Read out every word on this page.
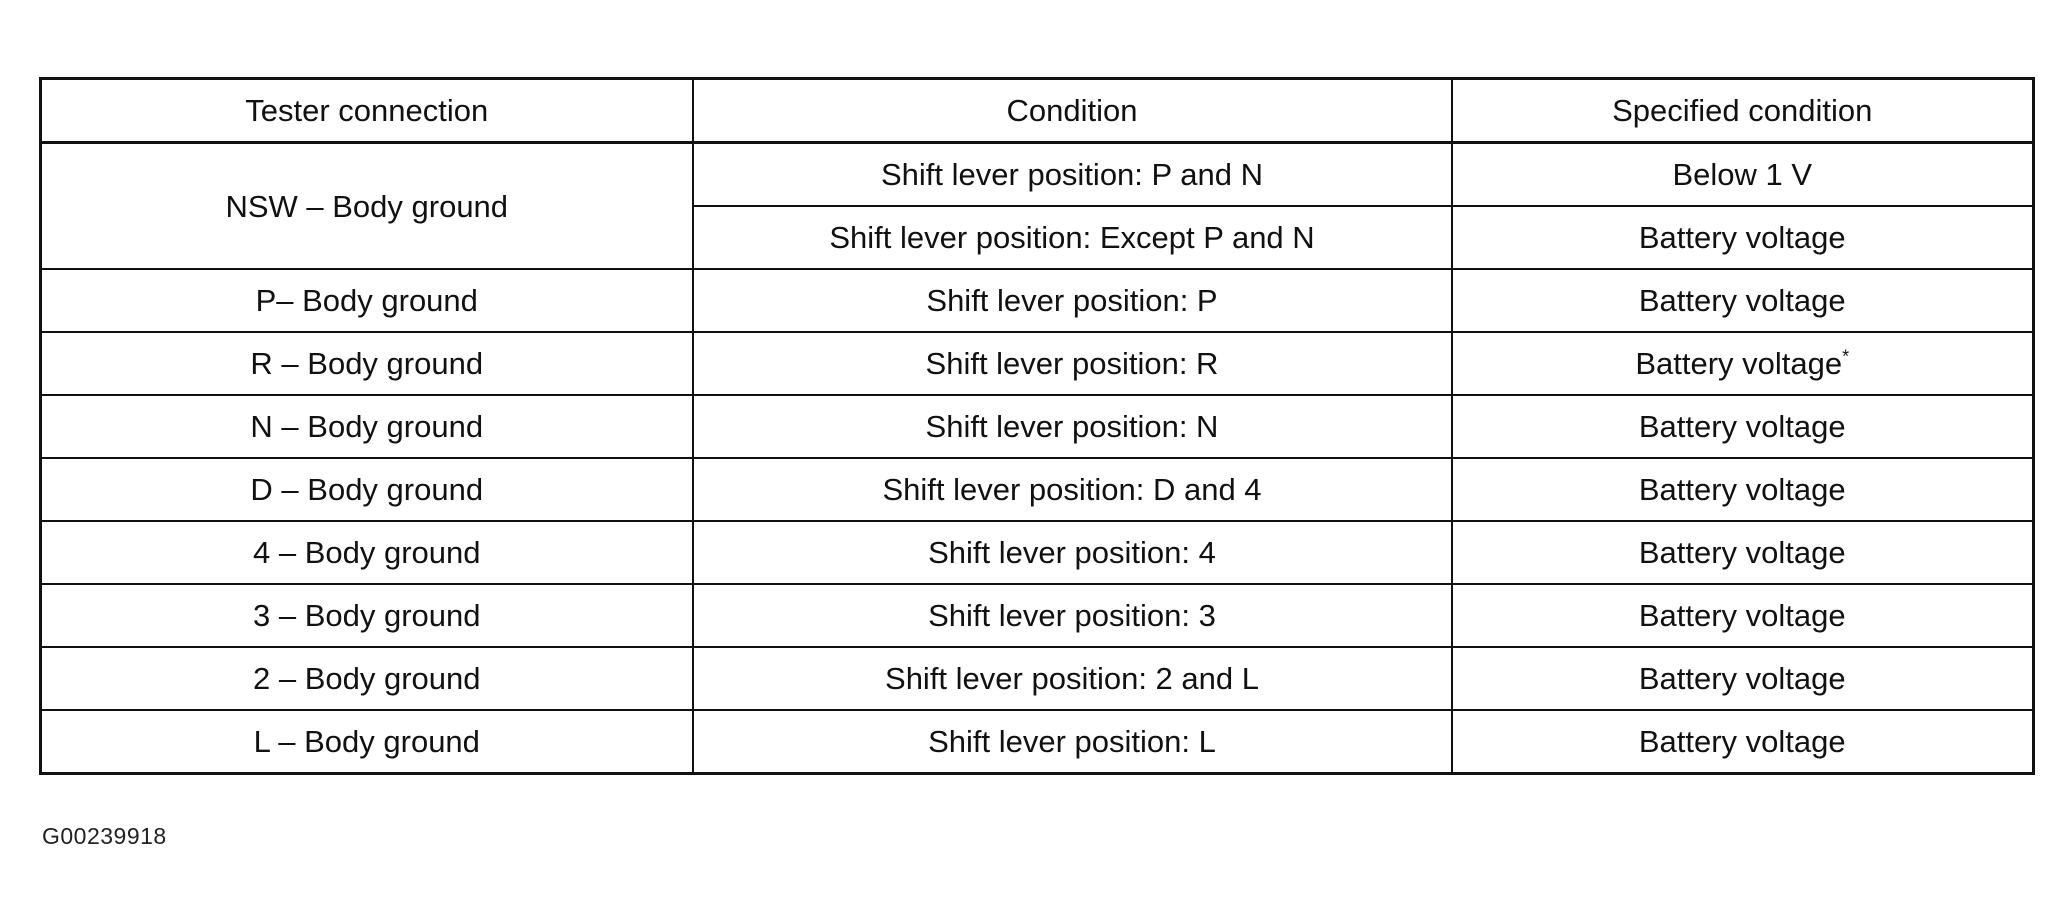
Tester connection	Condition	Specified condition
NSW – Body ground	Shift lever position: P and N	Below 1 V
	Shift lever position: Except P and N	Battery voltage
P– Body ground	Shift lever position: P	Battery voltage
R – Body ground	Shift lever position: R	Battery voltage*
N – Body ground	Shift lever position: N	Battery voltage
D – Body ground	Shift lever position: D and 4	Battery voltage
4 – Body ground	Shift lever position: 4	Battery voltage
3 – Body ground	Shift lever position: 3	Battery voltage
2 – Body ground	Shift lever position: 2 and L	Battery voltage
L – Body ground	Shift lever position: L	Battery voltage
G00239918
